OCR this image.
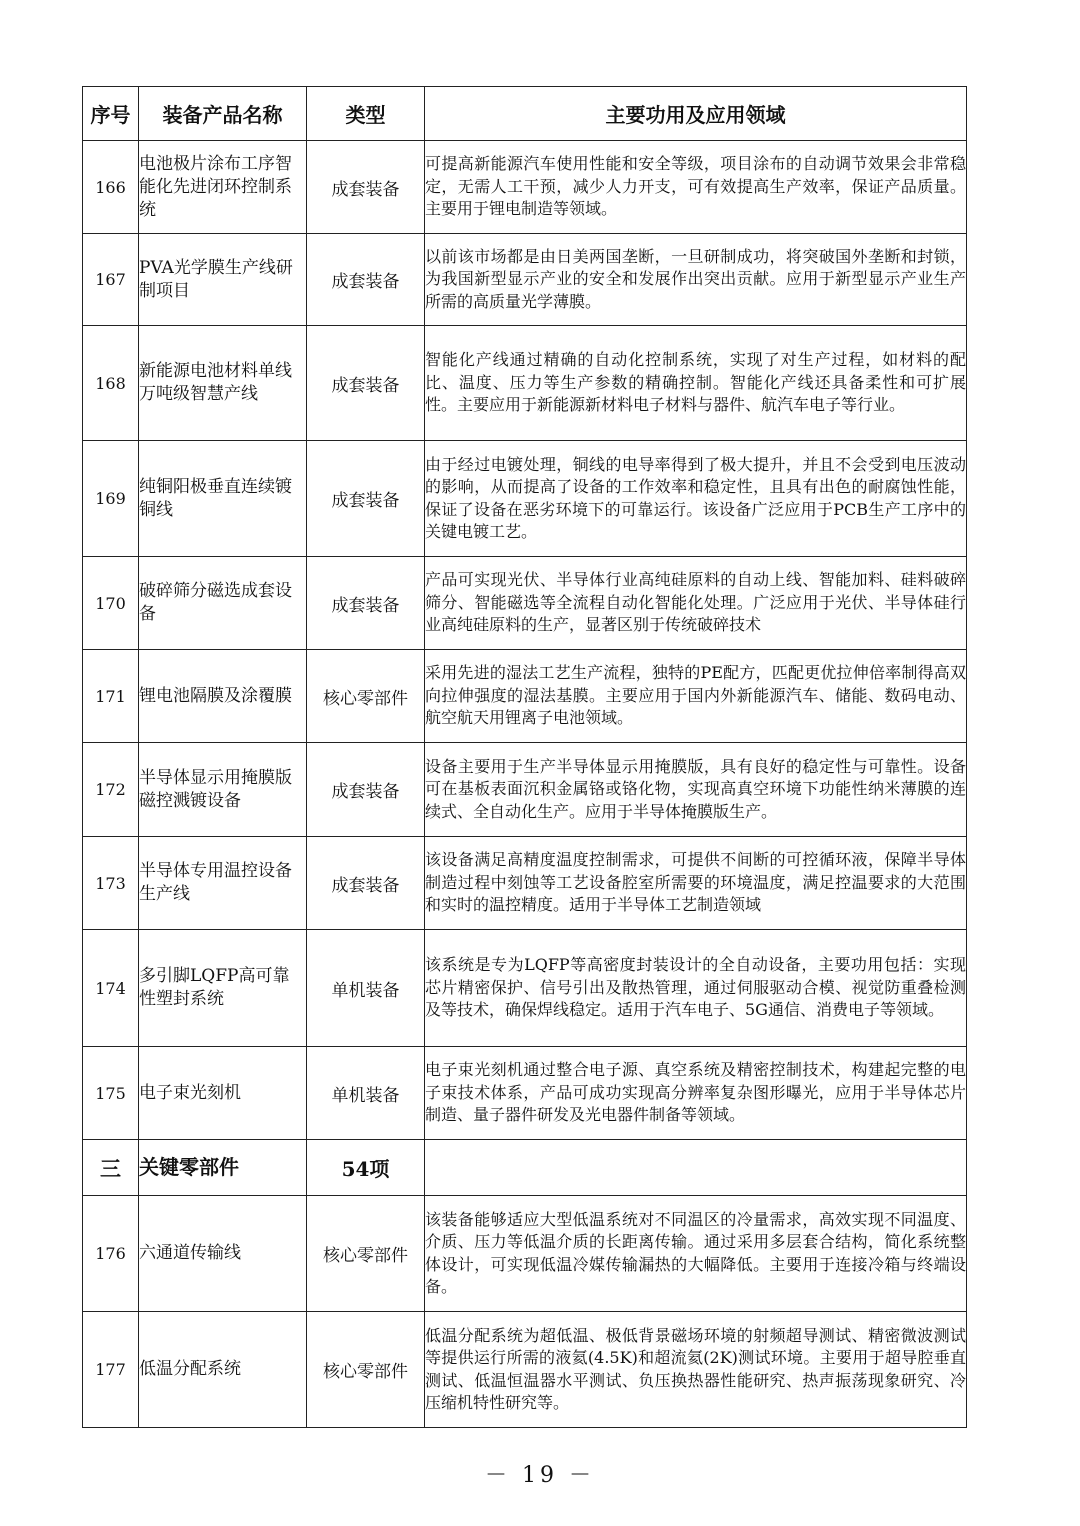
序号	装备产品名称	类型	主要功用及应用领域
166	电池极片涂布工序智能化先进闭环控制系统	成套装备	可提高新能源汽车使用性能和安全等级，项目涂布的自动调节效果会非常稳定，无需人工干预，减少人力开支，可有效提高生产效率，保证产品质量。主要用于锂电制造等领域。
167	PVA光学膜生产线研制项目	成套装备	以前该市场都是由日美两国垄断，一旦研制成功，将突破国外垄断和封锁，为我国新型显示产业的安全和发展作出突出贡献。应用于新型显示产业生产所需的高质量光学薄膜。
168	新能源电池材料单线万吨级智慧产线	成套装备	智能化产线通过精确的自动化控制系统，实现了对生产过程，如材料的配比、温度、压力等生产参数的精确控制。智能化产线还具备柔性和可扩展性。主要应用于新能源新材料电子材料与器件、航汽车电子等行业。
169	纯铜阳极垂直连续镀铜线	成套装备	由于经过电镀处理，铜线的电导率得到了极大提升，并且不会受到电压波动的影响，从而提高了设备的工作效率和稳定性，且具有出色的耐腐蚀性能，保证了设备在恶劣环境下的可靠运行。该设备广泛应用于PCB生产工序中的关键电镀工艺。
170	破碎筛分磁选成套设备	成套装备	产品可实现光伏、半导体行业高纯硅原料的自动上线、智能加料、硅料破碎筛分、智能磁选等全流程自动化智能化处理。广泛应用于光伏、半导体硅行业高纯硅原料的生产，显著区别于传统破碎技术
171	锂电池隔膜及涂覆膜	核心零部件	采用先进的湿法工艺生产流程，独特的PE配方，匹配更优拉伸倍率制得高双向拉伸强度的湿法基膜。主要应用于国内外新能源汽车、储能、数码电动、航空航天用锂离子电池领域。
172	半导体显示用掩膜版磁控溅镀设备	成套装备	设备主要用于生产半导体显示用掩膜版，具有良好的稳定性与可靠性。设备可在基板表面沉积金属铬或铬化物，实现高真空环境下功能性纳米薄膜的连续式、全自动化生产。应用于半导体掩膜版生产。
173	半导体专用温控设备生产线	成套装备	该设备满足高精度温度控制需求，可提供不间断的可控循环液，保障半导体制造过程中刻蚀等工艺设备腔室所需要的环境温度，满足控温要求的大范围和实时的温控精度。适用于半导体工艺制造领域
174	多引脚LQFP高可靠性塑封系统	单机装备	该系统是专为LQFP等高密度封装设计的全自动设备，主要功用包括：实现芯片精密保护、信号引出及散热管理，通过伺服驱动合模、视觉防重叠检测及等技术，确保焊线稳定。适用于汽车电子、5G通信、消费电子等领域。
175	电子束光刻机	单机装备	电子束光刻机通过整合电子源、真空系统及精密控制技术，构建起完整的电子束技术体系，产品可成功实现高分辨率复杂图形曝光，应用于半导体芯片制造、量子器件研发及光电器件制备等领域。
三	关键零部件	54项	
176	六通道传输线	核心零部件	该装备能够适应大型低温系统对不同温区的冷量需求，高效实现不同温度、介质、压力等低温介质的长距离传输。通过采用多层套合结构，简化系统整体设计，可实现低温冷媒传输漏热的大幅降低。主要用于连接冷箱与终端设备。
177	低温分配系统	核心零部件	低温分配系统为超低温、极低背景磁场环境的射频超导测试、精密微波测试等提供运行所需的液氦(4.5K)和超流氦(2K)测试环境。主要用于超导腔垂直测试、低温恒温器水平测试、负压换热器性能研究、热声振荡现象研究、冷压缩机特性研究等。
－ 19 －
